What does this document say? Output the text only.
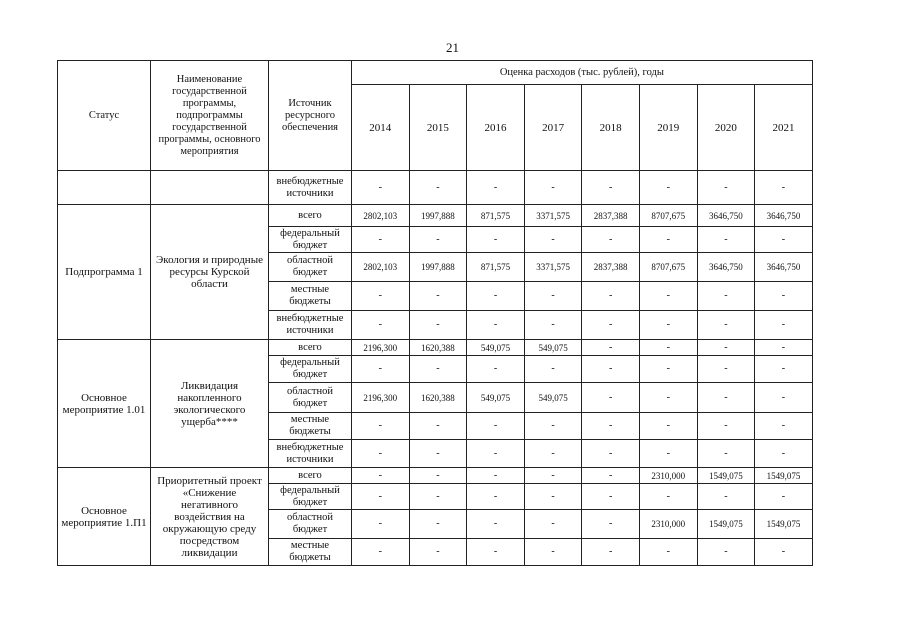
21
Статус	Наименование государственной программы, подпрограммы государственной программы, основного мероприятия	Источник ресурсного обеспечения	Оценка расходов (тыс. рублей), годы							
			2014	2015	2016	2017	2018	2019	2020	2021
		внебюджетные источники	-	-	-	-	-	-	-	-
Подпрограмма 1	Экология и природные ресурсы Курской области	всего	2802,103	1997,888	871,575	3371,575	2837,388	8707,675	3646,750	3646,750
		федеральный бюджет	-	-	-	-	-	-	-	-
		областной бюджет	2802,103	1997,888	871,575	3371,575	2837,388	8707,675	3646,750	3646,750
		местные бюджеты	-	-	-	-	-	-	-	-
		внебюджетные источники	-	-	-	-	-	-	-	-
Основное мероприятие 1.01	Ликвидация накопленного экологического ущерба****	всего	2196,300	1620,388	549,075	549,075	-	-	-	-
		федеральный бюджет	-	-	-	-	-	-	-	-
		областной бюджет	2196,300	1620,388	549,075	549,075	-	-	-	-
		местные бюджеты	-	-	-	-	-	-	-	-
		внебюджетные источники	-	-	-	-	-	-	-	-
Основное мероприятие 1.П1	Приоритетный проект «Снижение негативного воздействия на окружающую среду посредством ликвидации	всего	-	-	-	-	-	2310,000	1549,075	1549,075
		федеральный бюджет	-	-	-	-	-	-	-	-
		областной бюджет	-	-	-	-	-	2310,000	1549,075	1549,075
		местные бюджеты	-	-	-	-	-	-	-	-
